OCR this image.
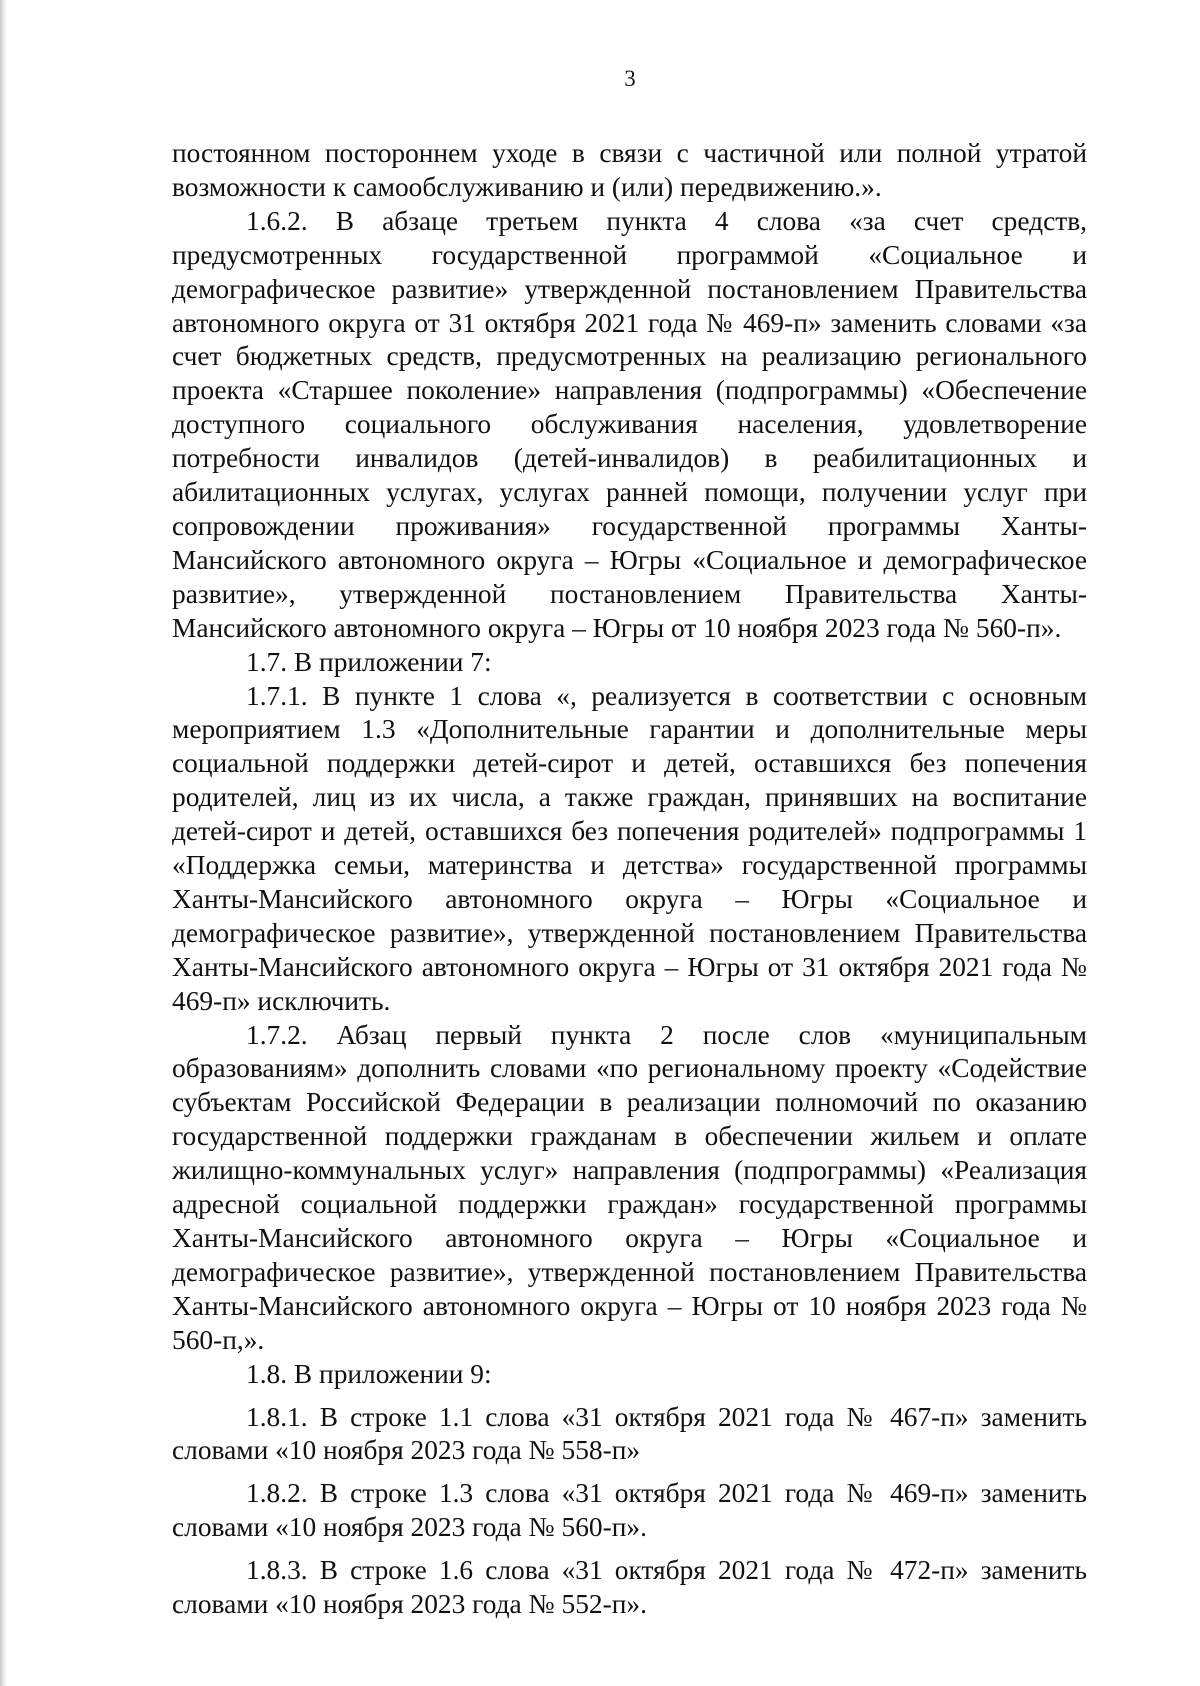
3

постоянном постороннем уходе в связи с частичной или полной утратой возможности к самообслуживанию и (или) передвижению.».

1.6.2. В абзаце третьем пункта 4 слова «за счет средств, предусмотренных государственной программой «Социальное и демографическое развитие» утвержденной постановлением Правительства автономного округа от 31 октября 2021 года № 469-п» заменить словами «за счет бюджетных средств, предусмотренных на реализацию регионального проекта «Старшее поколение» направления (подпрограммы) «Обеспечение доступного социального обслуживания населения, удовлетворение потребности инвалидов (детей-инвалидов) в реабилитационных и абилитационных услугах, услугах ранней помощи, получении услуг при сопровождении проживания» государственной программы Ханты-Мансийского автономного округа – Югры «Социальное и демографическое развитие», утвержденной постановлением Правительства Ханты-Мансийского автономного округа – Югры от 10 ноября 2023 года № 560-п».

1.7. В приложении 7:

1.7.1. В пункте 1 слова «, реализуется в соответствии с основным мероприятием 1.3 «Дополнительные гарантии и дополнительные меры социальной поддержки детей-сирот и детей, оставшихся без попечения родителей, лиц из их числа, а также граждан, принявших на воспитание детей-сирот и детей, оставшихся без попечения родителей» подпрограммы 1 «Поддержка семьи, материнства и детства» государственной программы Ханты-Мансийского автономного округа – Югры «Социальное и демографическое развитие», утвержденной постановлением Правительства Ханты-Мансийского автономного округа – Югры от 31 октября 2021 года № 469-п» исключить.

1.7.2. Абзац первый пункта 2 после слов «муниципальным образованиям» дополнить словами «по региональному проекту «Содействие субъектам Российской Федерации в реализации полномочий по оказанию государственной поддержки гражданам в обеспечении жильем и оплате жилищно-коммунальных услуг» направления (подпрограммы) «Реализация адресной социальной поддержки граждан» государственной программы Ханты-Мансийского автономного округа – Югры «Социальное и демографическое развитие», утвержденной постановлением Правительства Ханты-Мансийского автономного округа – Югры от 10 ноября 2023 года № 560-п,».

1.8. В приложении 9:

1.8.1. В строке 1.1 слова «31 октября 2021 года № 467-п» заменить словами «10 ноября 2023 года № 558-п»

1.8.2. В строке 1.3 слова «31 октября 2021 года № 469-п» заменить словами «10 ноября 2023 года № 560-п».

1.8.3. В строке 1.6 слова «31 октября 2021 года № 472-п» заменить словами «10 ноября 2023 года № 552-п».
